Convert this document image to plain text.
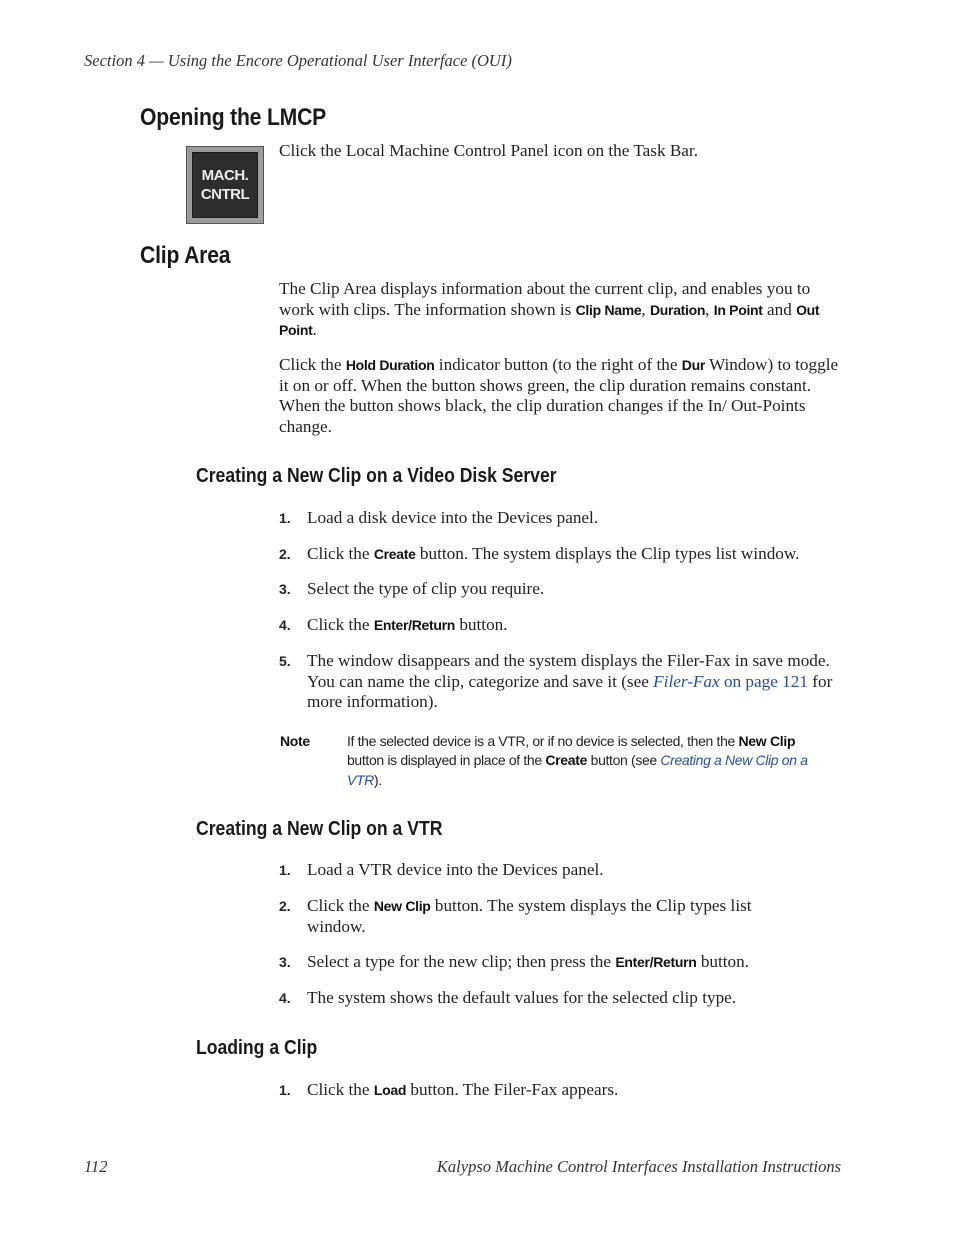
Section 4 — Using the Encore Operational User Interface (OUI)
Opening the LMCP
MACH.
CNTRL
Click the Local Machine Control Panel icon on the Task Bar.
Clip Area
The Clip Area displays information about the current clip, and enables you to work with clips. The information shown is Clip Name, Duration, In Point and Out Point.
Click the Hold Duration indicator button (to the right of the Dur Window) to toggle it on or off. When the button shows green, the clip duration remains constant. When the button shows black, the clip duration changes if the In/ Out-Points change.
Creating a New Clip on a Video Disk Server
1. Load a disk device into the Devices panel.
2. Click the Create button. The system displays the Clip types list window.
3. Select the type of clip you require.
4. Click the Enter/Return button.
5. The window disappears and the system displays the Filer-Fax in save mode. You can name the clip, categorize and save it (see Filer-Fax on page 121 for more information).
Note	If the selected device is a VTR, or if no device is selected, then the New Clip button is displayed in place of the Create button (see Creating a New Clip on a VTR).
Creating a New Clip on a VTR
1. Load a VTR device into the Devices panel.
2. Click the New Clip button. The system displays the Clip types list window.
3. Select a type for the new clip; then press the Enter/Return button.
4. The system shows the default values for the selected clip type.
Loading a Clip
1. Click the Load button. The Filer-Fax appears.
112	Kalypso Machine Control Interfaces Installation Instructions
